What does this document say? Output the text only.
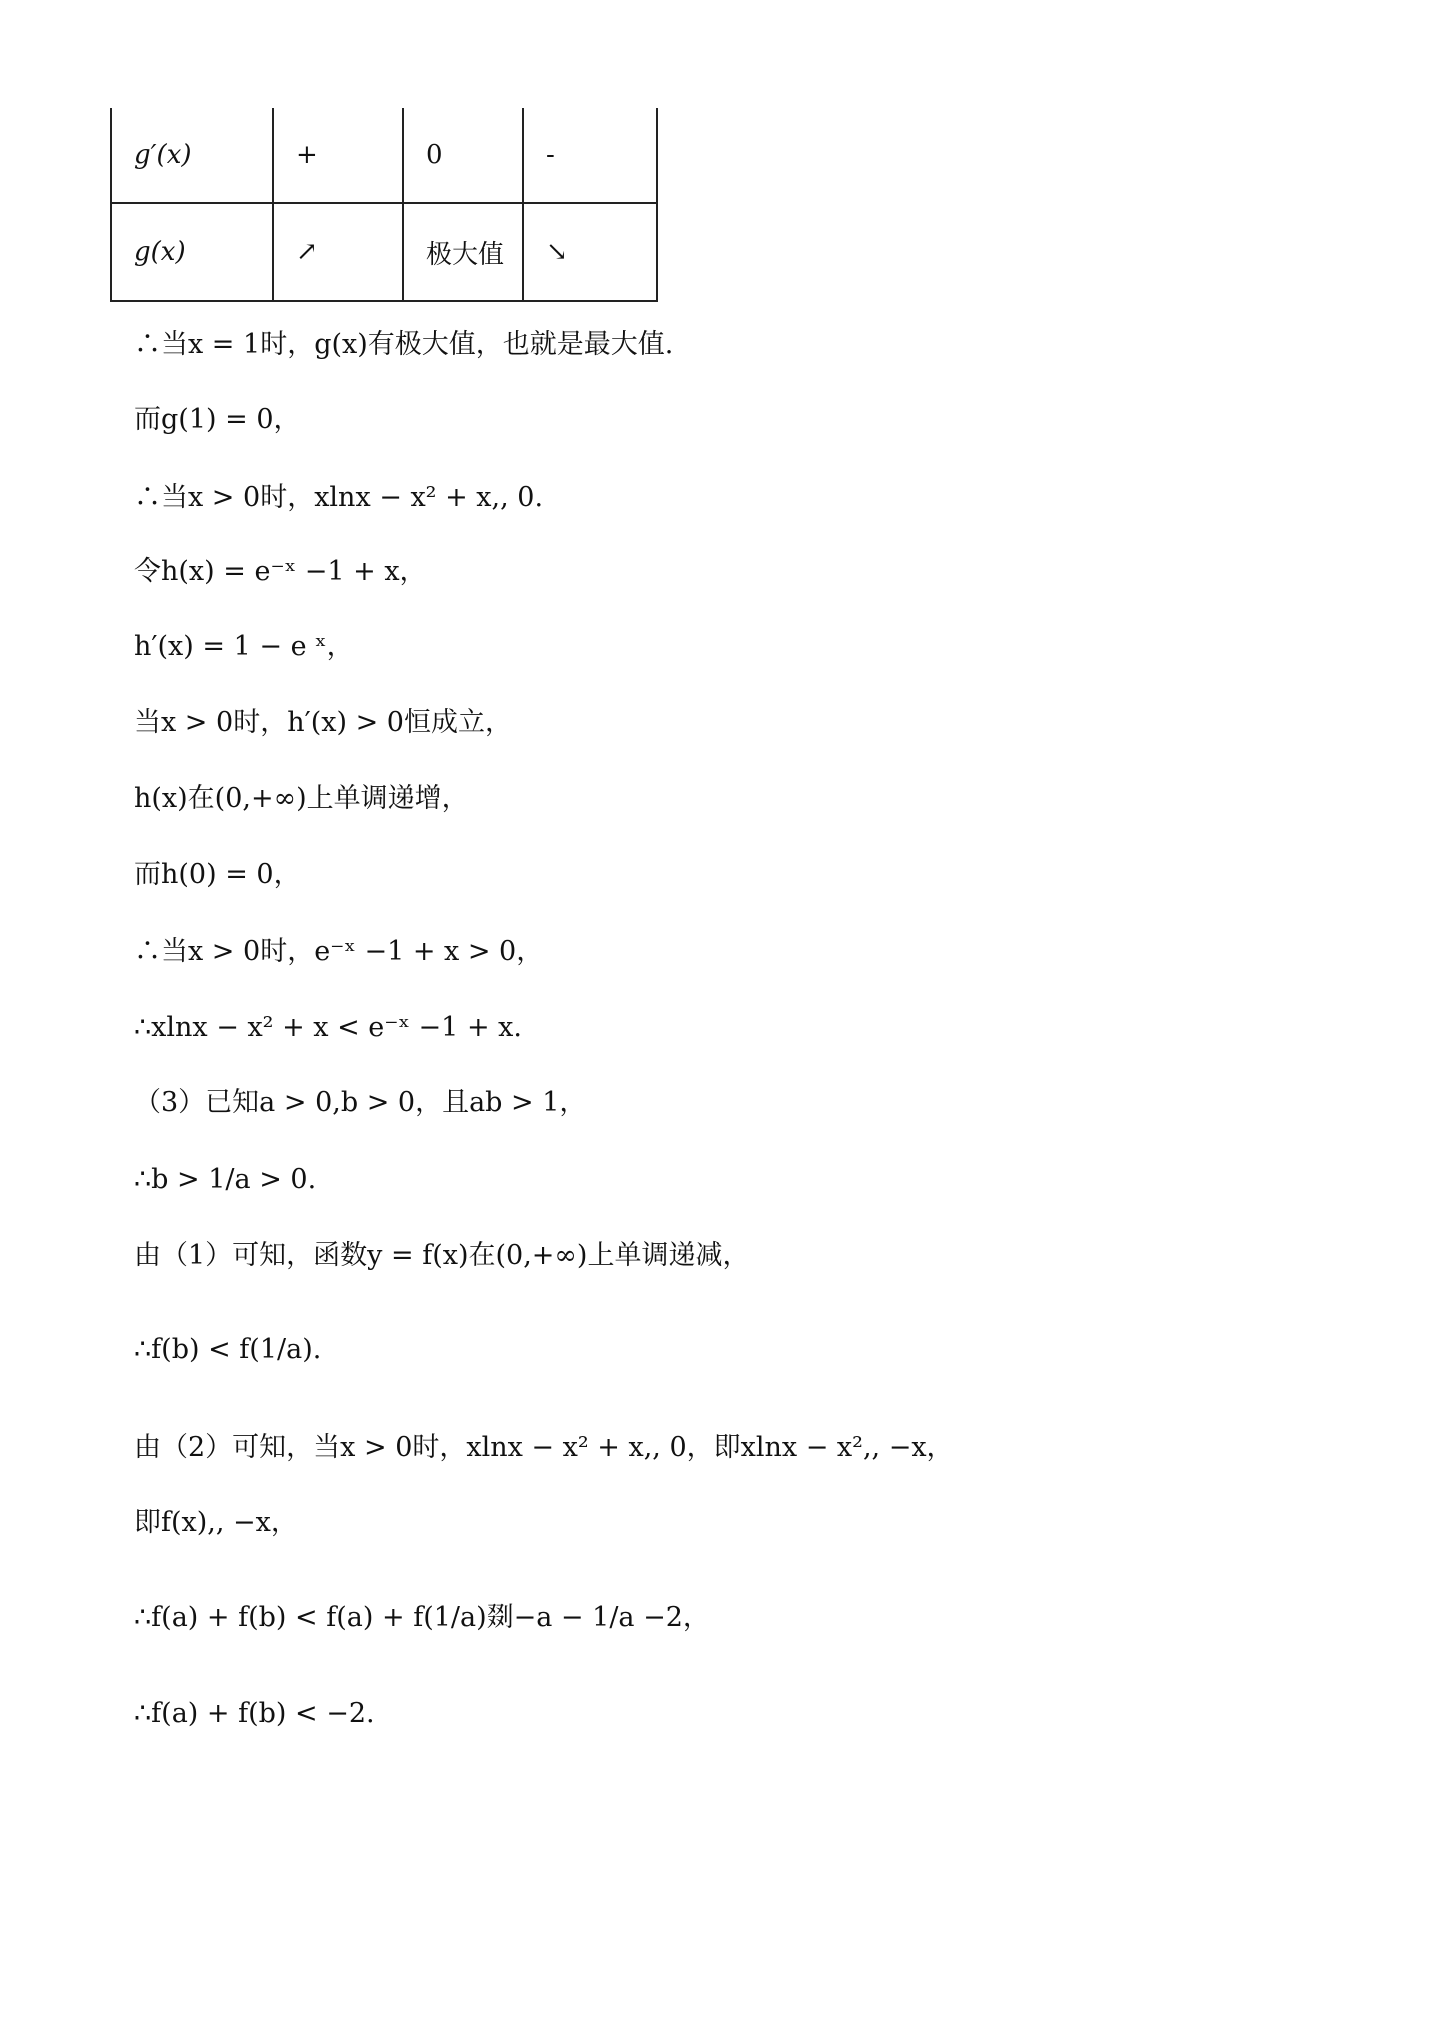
g′(x)	+	0	-
g(x)	↗	极大值	↘
∴当x = 1时，g(x)有极大值，也就是最大值.
而g(1) = 0，
∴当x > 0时，xlnx − x² + x,, 0.
令h(x) = e⁻ˣ −1 + x，
h′(x) = 1 − e ˣ，
当x > 0时，h′(x) > 0恒成立，
h(x)在(0,+∞)上单调递增，
而h(0) = 0，
∴当x > 0时，e⁻ˣ −1 + x > 0，
∴xlnx − x² + x < e⁻ˣ −1 + x.
（3）已知a > 0,b > 0，且ab > 1，
∴b > 1/a > 0.
由（1）可知，函数y = f(x)在(0,+∞)上单调递减，
∴f(b) < f(1/a).
由（2）可知，当x > 0时，xlnx − x² + x,, 0，即xlnx − x²,, −x，
即f(x),, −x，
∴f(a) + f(b) < f(a) + f(1/a)剟−a − 1/a −2，
∴f(a) + f(b) < −2.
